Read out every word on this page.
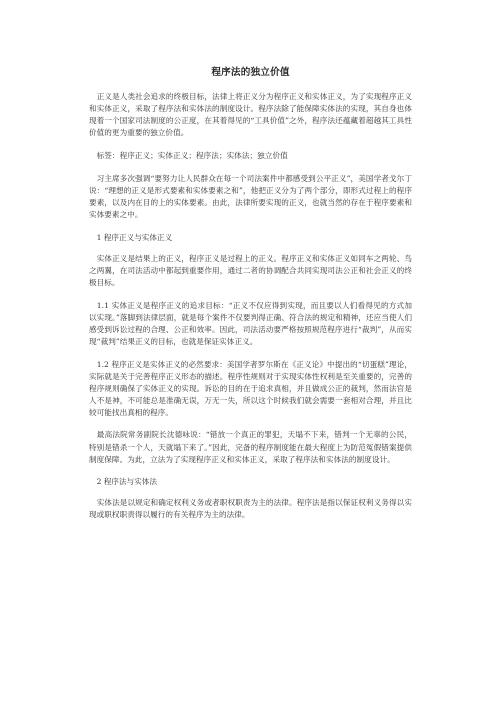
程序法的独立价值

　正义是人类社会追求的终极目标，法律上将正义分为程序正义和实体正义，为了实现程序正义和实体正义，采取了程序法和实体法的制度设计。程序法除了能保障实体法的实现，其自身也体现着一个国家司法制度的公正度，在其着得见的“工具价值”之外，程序法还蕴藏着超越其工具性价值的更为重要的独立价值。

　标签：程序正义；实体正义；程序法；实体法；独立价值

　习主席多次强调“要努力让人民群众在每一个司法案件中都感受到公平正义”，美国学者戈尔丁说：“理想的正义是形式要素和实体要素之和”，他把正义分为了两个部分，即形式过程上的程序要素，以及内在目的上的实体要素。由此，法律所要实现的正义，也就当然的存在于程序要素和实体要素之中。

　1 程序正义与实体正义

　实体正义是结果上的正义，程序正义是过程上的正义。程序正义和实体正义如同车之两轮、鸟之两翼，在司法活动中都起到重要作用，通过二者的协调配合共同实现司法公正和社会正义的终极目标。

　1.1 实体正义是程序正义的追求目标：“正义不仅应得到实现，而且要以人们看得见的方式加以实现。”落脚到法律层面，就是每个案件不仅要判得正确、符合法的规定和精神，还应当使人们感受到诉讼过程的合理、公正和效率。因此，司法活动要严格按照规范程序进行“裁判”，从而实现“裁判”结果正义的目标，也就是保证实体正义。

　1.2 程序正义是实体正义的必然要求：美国学者罗尔斯在《正义论》中提出的“切蛋糕”理论，实际就是关于完善程序正义形态的描述。程序性规则对于实现实体性权利是至关重要的，完善的程序规则确保了实体正义的实现。诉讼的目的在于追求真相，并且做成公正的裁判，然而法官是人不是神，不可能总是准确无误，万无一失，所以这个时候我们就会需要一套相对合理，并且比较可能找出真相的程序。

　最高法院常务副院长沈德咏说：“错放一个真正的罪犯，天塌不下来，错判一个无辜的公民，特别是错杀一个人，天就塌下来了。”因此，完备的程序制度能在最大程度上为防范冤假错案提供制度保障。为此，立法为了实现程序正义和实体正义，采取了程序法和实体法的制度设计。

　2 程序法与实体法

　实体法是以规定和确定权利义务或者职权职责为主的法律。程序法是指以保证权利义务得以实现或职权职责得以履行的有关程序为主的法律。
